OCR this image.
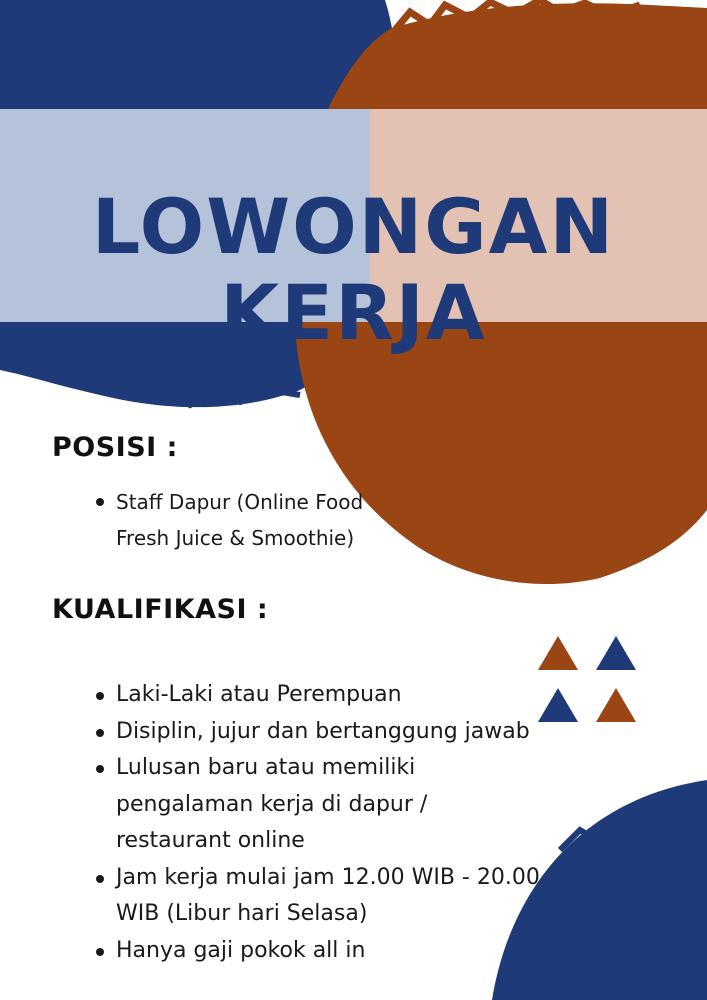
LOWONGAN
KERJA
POSISI :
Staff Dapur (Online Food Fresh Juice & Smoothie)
KUALIFIKASI :
Laki-Laki atau Perempuan
Disiplin, jujur dan bertanggung jawab
Lulusan baru atau memiliki pengalaman kerja di dapur / restaurant online
Jam kerja mulai jam 12.00 WIB - 20.00 WIB (Libur hari Selasa)
Hanya gaji pokok all in
